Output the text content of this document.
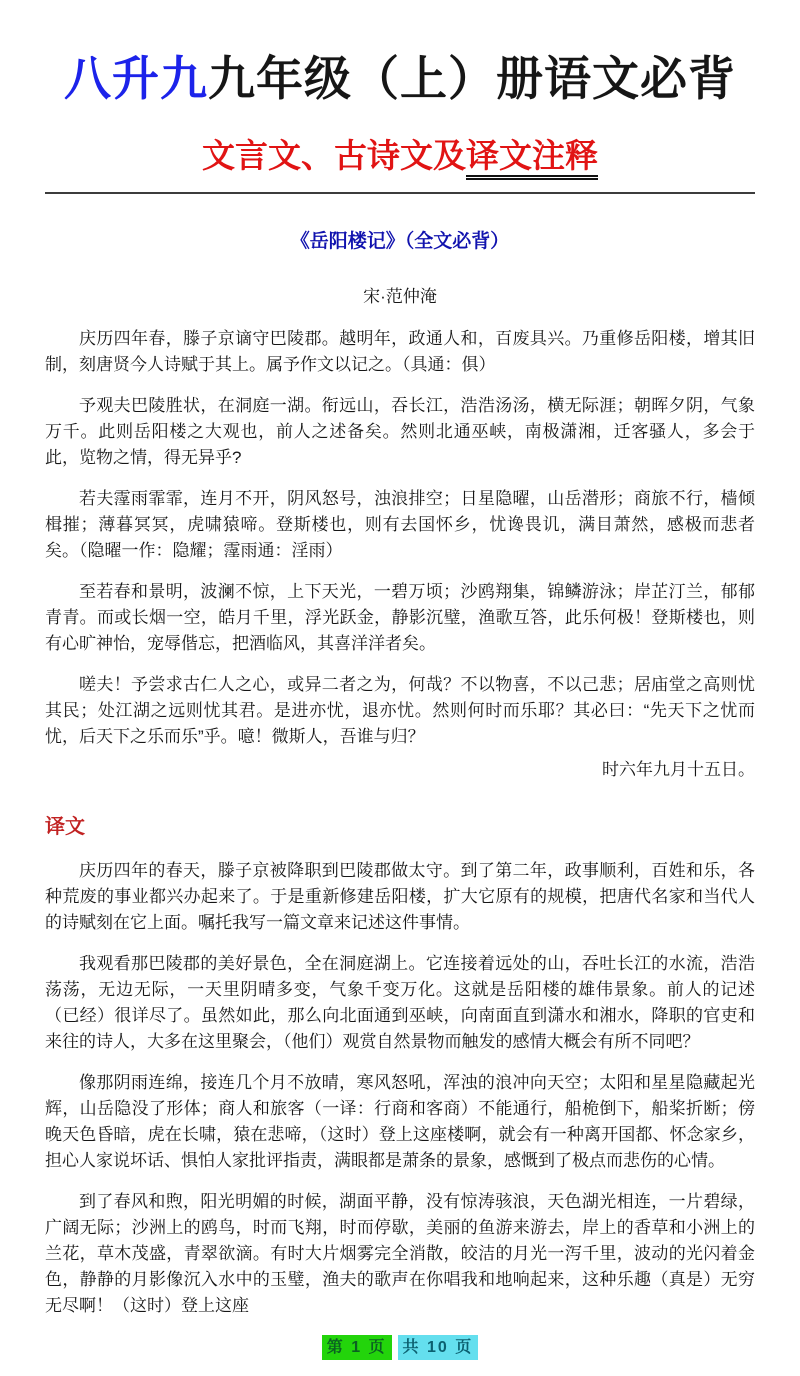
八升九九年级（上）册语文必背
文言文、古诗文及译文注释
《岳阳楼记》（全文必背）
宋·范仲淹

庆历四年春，滕子京谪守巴陵郡。越明年，政通人和，百废具兴。乃重修岳阳楼，增其旧制，刻唐贤今人诗赋于其上。属予作文以记之。（具通：俱）

予观夫巴陵胜状，在洞庭一湖。衔远山，吞长江，浩浩汤汤，横无际涯；朝晖夕阴，气象万千。此则岳阳楼之大观也，前人之述备矣。然则北通巫峡，南极潇湘，迁客骚人，多会于此，览物之情，得无异乎?

若夫霪雨霏霏，连月不开，阴风怒号，浊浪排空；日星隐曜，山岳潜形；商旅不行，樯倾楫摧；薄暮冥冥，虎啸猿啼。登斯楼也，则有去国怀乡，忧谗畏讥，满目萧然，感极而悲者矣。（隐曜一作：隐耀；霪雨通：淫雨）

至若春和景明，波澜不惊，上下天光，一碧万顷；沙鸥翔集，锦鳞游泳；岸芷汀兰，郁郁青青。而或长烟一空，皓月千里，浮光跃金，静影沉璧，渔歌互答，此乐何极！登斯楼也，则有心旷神怡，宠辱偕忘，把酒临风，其喜洋洋者矣。

嗟夫！予尝求古仁人之心，或异二者之为，何哉？不以物喜，不以己悲；居庙堂之高则忧其民；处江湖之远则忧其君。是进亦忧，退亦忧。然则何时而乐耶？其必曰：“先天下之忧而忧，后天下之乐而乐”乎。噫！微斯人，吾谁与归？

时六年九月十五日。
译文

庆历四年的春天，滕子京被降职到巴陵郡做太守。到了第二年，政事顺利，百姓和乐，各种荒废的事业都兴办起来了。于是重新修建岳阳楼，扩大它原有的规模，把唐代名家和当代人的诗赋刻在它上面。嘱托我写一篇文章来记述这件事情。

我观看那巴陵郡的美好景色，全在洞庭湖上。它连接着远处的山，吞吐长江的水流，浩浩荡荡，无边无际，一天里阴晴多变，气象千变万化。这就是岳阳楼的雄伟景象。前人的记述（已经）很详尽了。虽然如此，那么向北面通到巫峡，向南面直到潇水和湘水，降职的官吏和来往的诗人，大多在这里聚会，（他们）观赏自然景物而触发的感情大概会有所不同吧？

像那阴雨连绵，接连几个月不放晴，寒风怒吼，浑浊的浪冲向天空；太阳和星星隐藏起光辉，山岳隐没了形体；商人和旅客（一译：行商和客商）不能通行，船桅倒下，船桨折断；傍晚天色昏暗，虎在长啸，猿在悲啼，（这时）登上这座楼啊，就会有一种离开国都、怀念家乡，担心人家说坏话、惧怕人家批评指责，满眼都是萧条的景象，感慨到了极点而悲伤的心情。

到了春风和煦，阳光明媚的时候，湖面平静，没有惊涛骇浪，天色湖光相连，一片碧绿，广阔无际；沙洲上的鸥鸟，时而飞翔，时而停歇，美丽的鱼游来游去，岸上的香草和小洲上的兰花，草木茂盛，青翠欲滴。有时大片烟雾完全消散，皎洁的月光一泻千里，波动的光闪着金色，静静的月影像沉入水中的玉璧，渔夫的歌声在你唱我和地响起来，这种乐趣（真是）无穷无尽啊！（这时）登上这座

第 1 页 共 10 页
